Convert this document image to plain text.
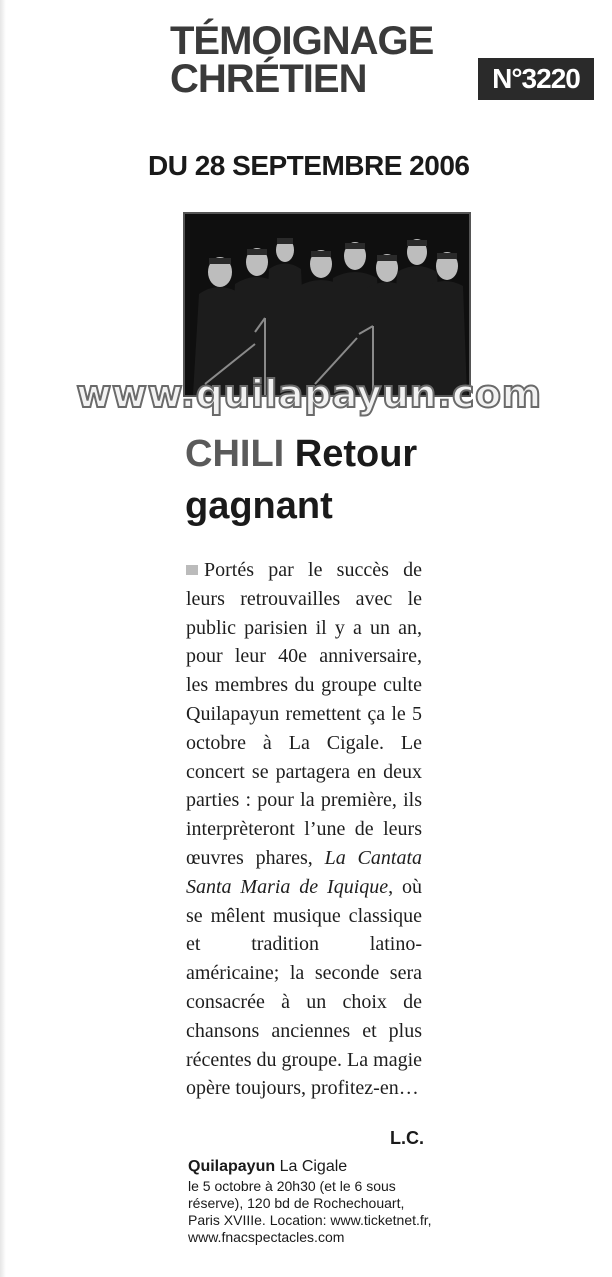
TÉMOIGNAGE
CHRÉTIEN	N°3220
DU 28 SEPTEMBRE 2006
www.quilapayun.com
CHILI Retour
gagnant
Portés par le succès de leurs retrouvailles avec le public parisien il y a un an, pour leur 40e anniversaire, les membres du groupe culte Quilapayun remettent ça le 5 octobre à La Cigale. Le concert se partagera en deux parties : pour la première, ils interprèteront l’une de leurs œuvres phares, La Cantata Santa Maria de Iquique, où se mêlent musique classique et tradition latino-américaine; la seconde sera consacrée à un choix de chansons anciennes et plus récentes du groupe. La magie opère toujours, profitez-en…
L.C.
Quilapayun La Cigale
le 5 octobre à 20h30 (et le 6 sous
réserve), 120 bd de Rochechouart,
Paris XVIIIe. Location: www.ticketnet.fr,
www.fnacspectacles.com
